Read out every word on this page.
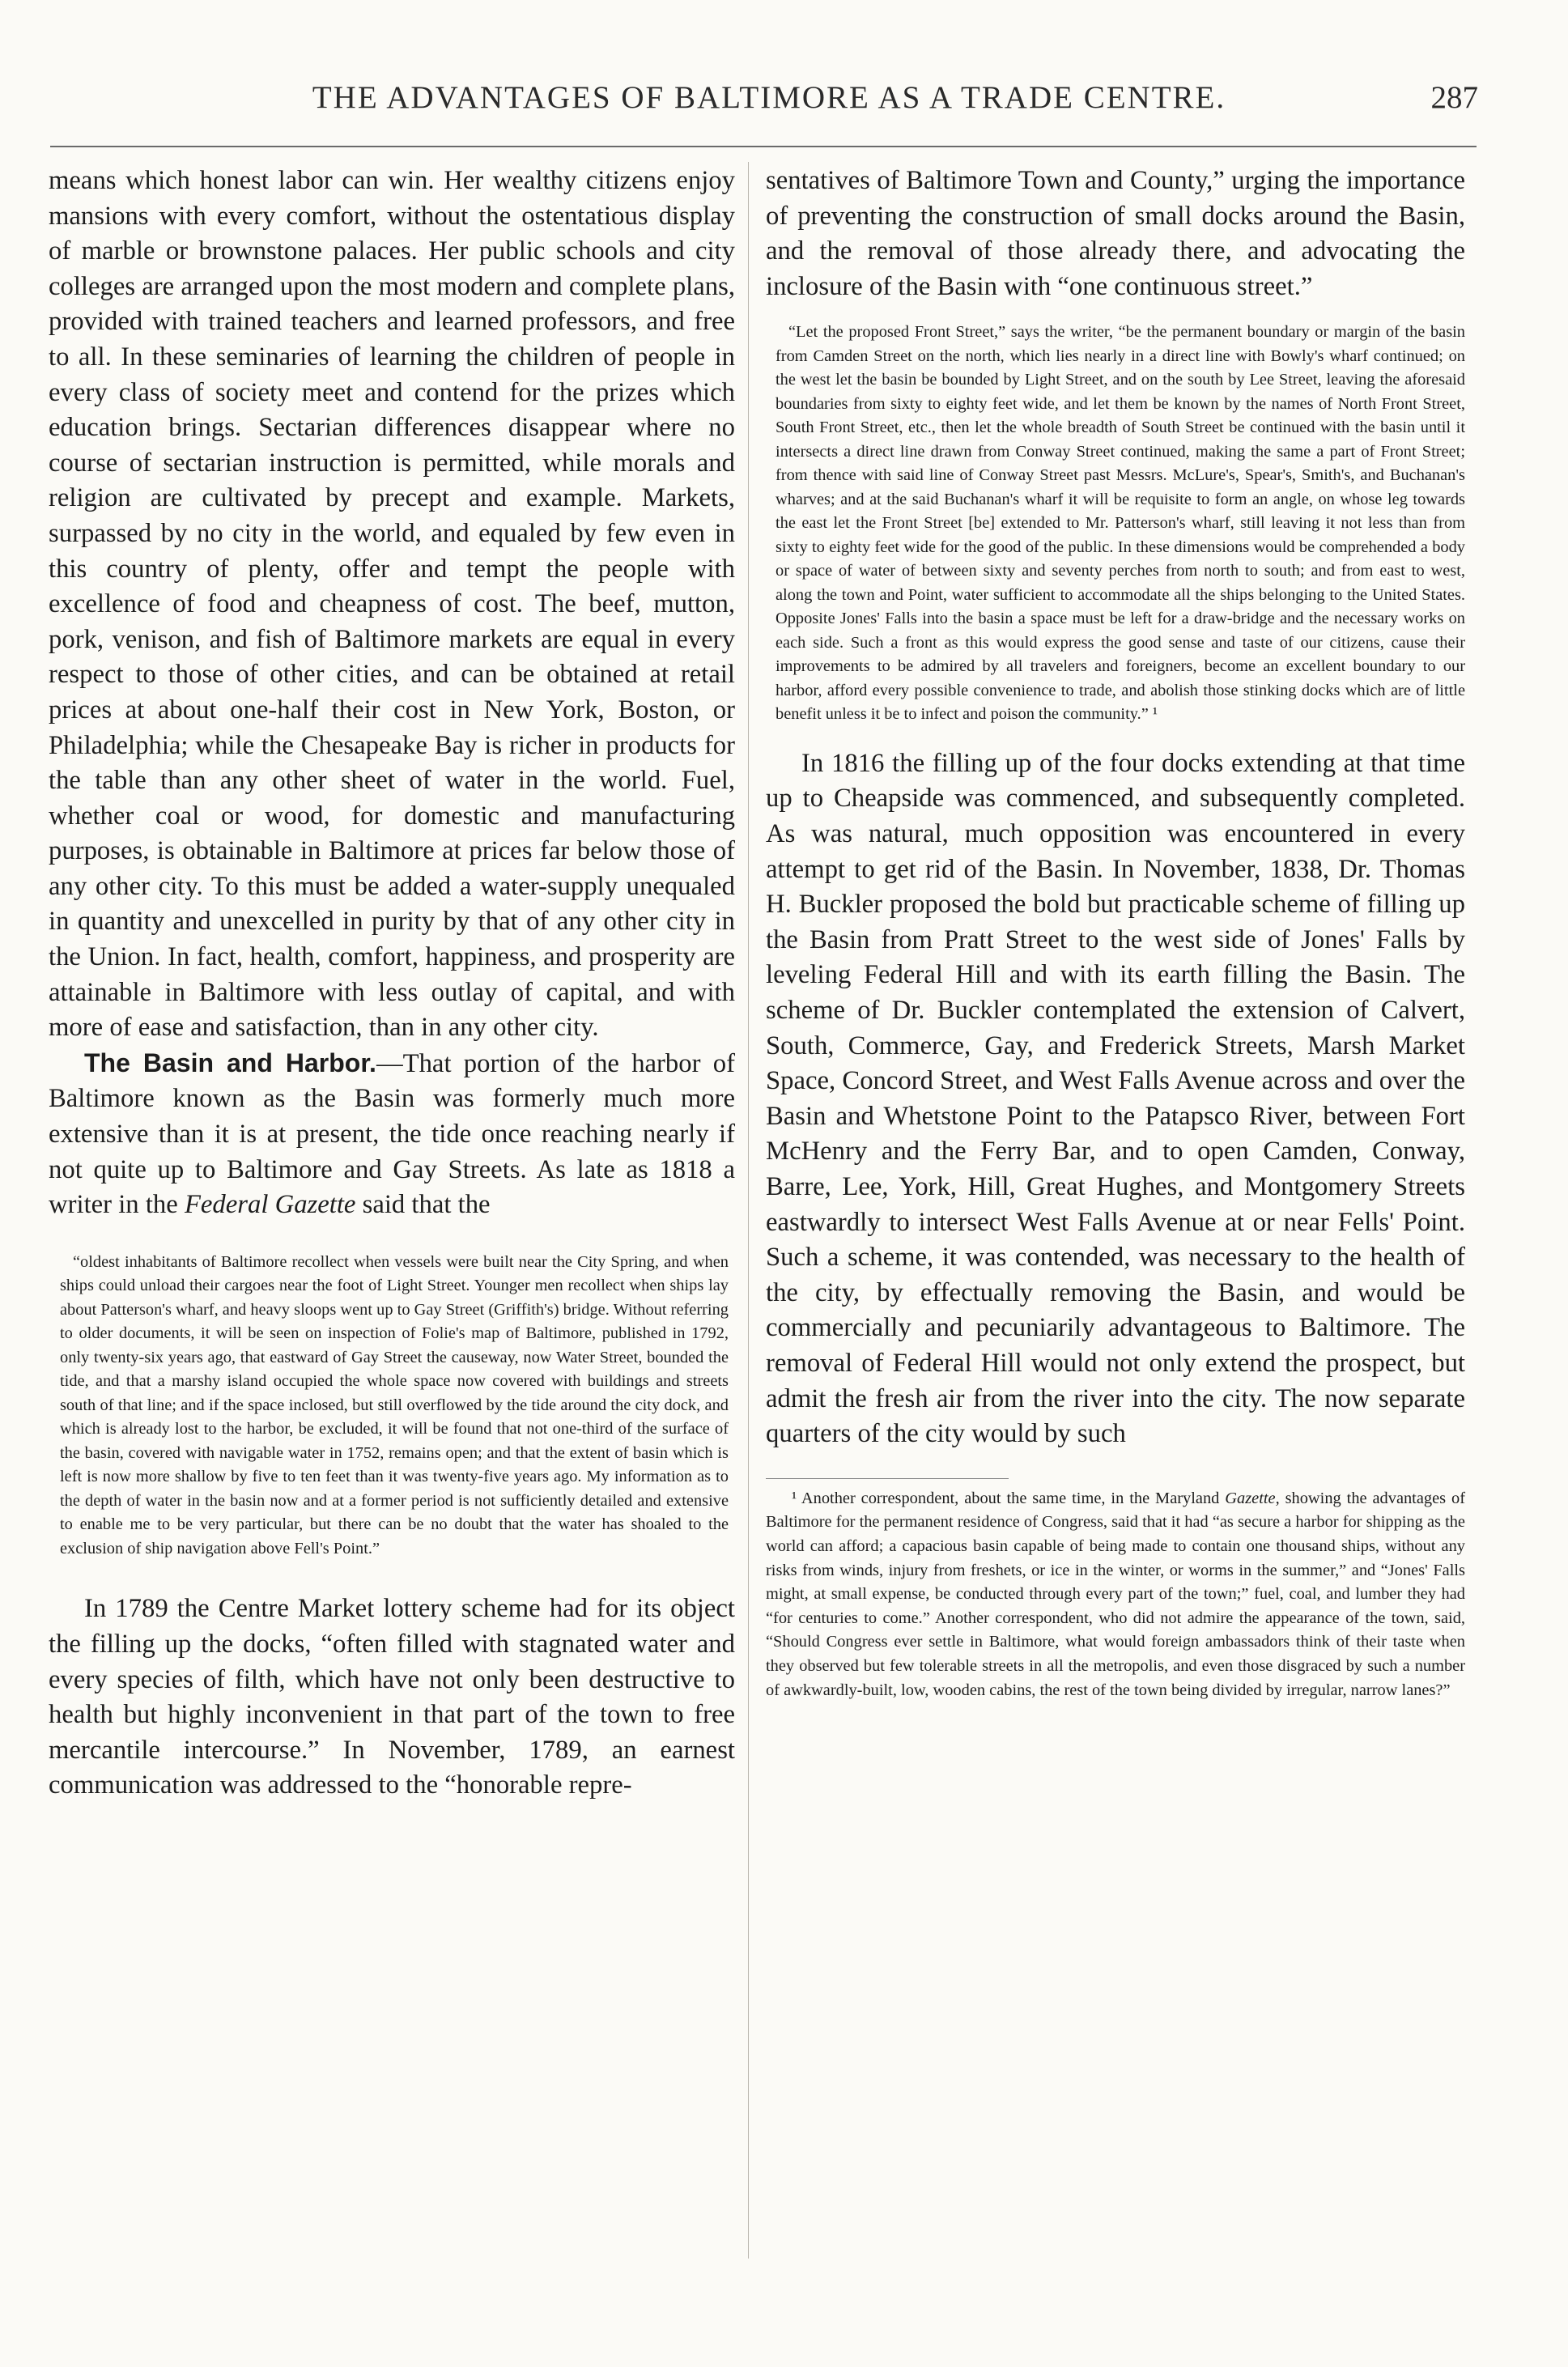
THE ADVANTAGES OF BALTIMORE AS A TRADE CENTRE.	287

means which honest labor can win. Her wealthy citizens enjoy mansions with every comfort, without the ostentatious display of marble or brownstone palaces. Her public schools and city colleges are arranged upon the most modern and complete plans, provided with trained teachers and learned professors, and free to all. In these seminaries of learning the children of people in every class of society meet and contend for the prizes which education brings. Sectarian differences disappear where no course of sectarian instruction is permitted, while morals and religion are cultivated by precept and example. Markets, surpassed by no city in the world, and equaled by few even in this country of plenty, offer and tempt the people with excellence of food and cheapness of cost. The beef, mutton, pork, venison, and fish of Baltimore markets are equal in every respect to those of other cities, and can be obtained at retail prices at about one-half their cost in New York, Boston, or Philadelphia; while the Chesapeake Bay is richer in products for the table than any other sheet of water in the world. Fuel, whether coal or wood, for domestic and manufacturing purposes, is obtainable in Baltimore at prices far below those of any other city. To this must be added a water-supply unequaled in quantity and unexcelled in purity by that of any other city in the Union. In fact, health, comfort, happiness, and prosperity are attainable in Baltimore with less outlay of capital, and with more of ease and satisfaction, than in any other city.

The Basin and Harbor.—That portion of the harbor of Baltimore known as the Basin was formerly much more extensive than it is at present, the tide once reaching nearly if not quite up to Baltimore and Gay Streets. As late as 1818 a writer in the Federal Gazette said that the

“oldest inhabitants of Baltimore recollect when vessels were built near the City Spring, and when ships could unload their cargoes near the foot of Light Street. Younger men recollect when ships lay about Patterson's wharf, and heavy sloops went up to Gay Street (Griffith's) bridge. Without referring to older documents, it will be seen on inspection of Folie's map of Baltimore, published in 1792, only twenty-six years ago, that eastward of Gay Street the causeway, now Water Street, bounded the tide, and that a marshy island occupied the whole space now covered with buildings and streets south of that line; and if the space inclosed, but still overflowed by the tide around the city dock, and which is already lost to the harbor, be excluded, it will be found that not one-third of the surface of the basin, covered with navigable water in 1752, remains open; and that the extent of basin which is left is now more shallow by five to ten feet than it was twenty-five years ago. My information as to the depth of water in the basin now and at a former period is not sufficiently detailed and extensive to enable me to be very particular, but there can be no doubt that the water has shoaled to the exclusion of ship navigation above Fell's Point.”

In 1789 the Centre Market lottery scheme had for its object the filling up the docks, “often filled with stagnated water and every species of filth, which have not only been destructive to health but highly inconvenient in that part of the town to free mercantile intercourse.” In November, 1789, an earnest communication was addressed to the “honorable repre-

sentatives of Baltimore Town and County,” urging the importance of preventing the construction of small docks around the Basin, and the removal of those already there, and advocating the inclosure of the Basin with “one continuous street.”

“Let the proposed Front Street,” says the writer, “be the permanent boundary or margin of the basin from Camden Street on the north, which lies nearly in a direct line with Bowly's wharf continued; on the west let the basin be bounded by Light Street, and on the south by Lee Street, leaving the aforesaid boundaries from sixty to eighty feet wide, and let them be known by the names of North Front Street, South Front Street, etc., then let the whole breadth of South Street be continued with the basin until it intersects a direct line drawn from Conway Street continued, making the same a part of Front Street; from thence with said line of Conway Street past Messrs. McLure's, Spear's, Smith's, and Buchanan's wharves; and at the said Buchanan's wharf it will be requisite to form an angle, on whose leg towards the east let the Front Street [be] extended to Mr. Patterson's wharf, still leaving it not less than from sixty to eighty feet wide for the good of the public. In these dimensions would be comprehended a body or space of water of between sixty and seventy perches from north to south; and from east to west, along the town and Point, water sufficient to accommodate all the ships belonging to the United States. Opposite Jones' Falls into the basin a space must be left for a draw-bridge and the necessary works on each side. Such a front as this would express the good sense and taste of our citizens, cause their improvements to be admired by all travelers and foreigners, become an excellent boundary to our harbor, afford every possible convenience to trade, and abolish those stinking docks which are of little benefit unless it be to infect and poison the community.” ¹

In 1816 the filling up of the four docks extending at that time up to Cheapside was commenced, and subsequently completed. As was natural, much opposition was encountered in every attempt to get rid of the Basin. In November, 1838, Dr. Thomas H. Buckler proposed the bold but practicable scheme of filling up the Basin from Pratt Street to the west side of Jones' Falls by leveling Federal Hill and with its earth filling the Basin. The scheme of Dr. Buckler contemplated the extension of Calvert, South, Commerce, Gay, and Frederick Streets, Marsh Market Space, Concord Street, and West Falls Avenue across and over the Basin and Whetstone Point to the Patapsco River, between Fort McHenry and the Ferry Bar, and to open Camden, Conway, Barre, Lee, York, Hill, Great Hughes, and Montgomery Streets eastwardly to intersect West Falls Avenue at or near Fells' Point. Such a scheme, it was contended, was necessary to the health of the city, by effectually removing the Basin, and would be commercially and pecuniarily advantageous to Baltimore. The removal of Federal Hill would not only extend the prospect, but admit the fresh air from the river into the city. The now separate quarters of the city would by such

¹ Another correspondent, about the same time, in the Maryland Gazette, showing the advantages of Baltimore for the permanent residence of Congress, said that it had “as secure a harbor for shipping as the world can afford; a capacious basin capable of being made to contain one thousand ships, without any risks from winds, injury from freshets, or ice in the winter, or worms in the summer,” and “Jones' Falls might, at small expense, be conducted through every part of the town;” fuel, coal, and lumber they had “for centuries to come.” Another correspondent, who did not admire the appearance of the town, said, “Should Congress ever settle in Baltimore, what would foreign ambassadors think of their taste when they observed but few tolerable streets in all the metropolis, and even those disgraced by such a number of awkwardly-built, low, wooden cabins, the rest of the town being divided by irregular, narrow lanes?”
